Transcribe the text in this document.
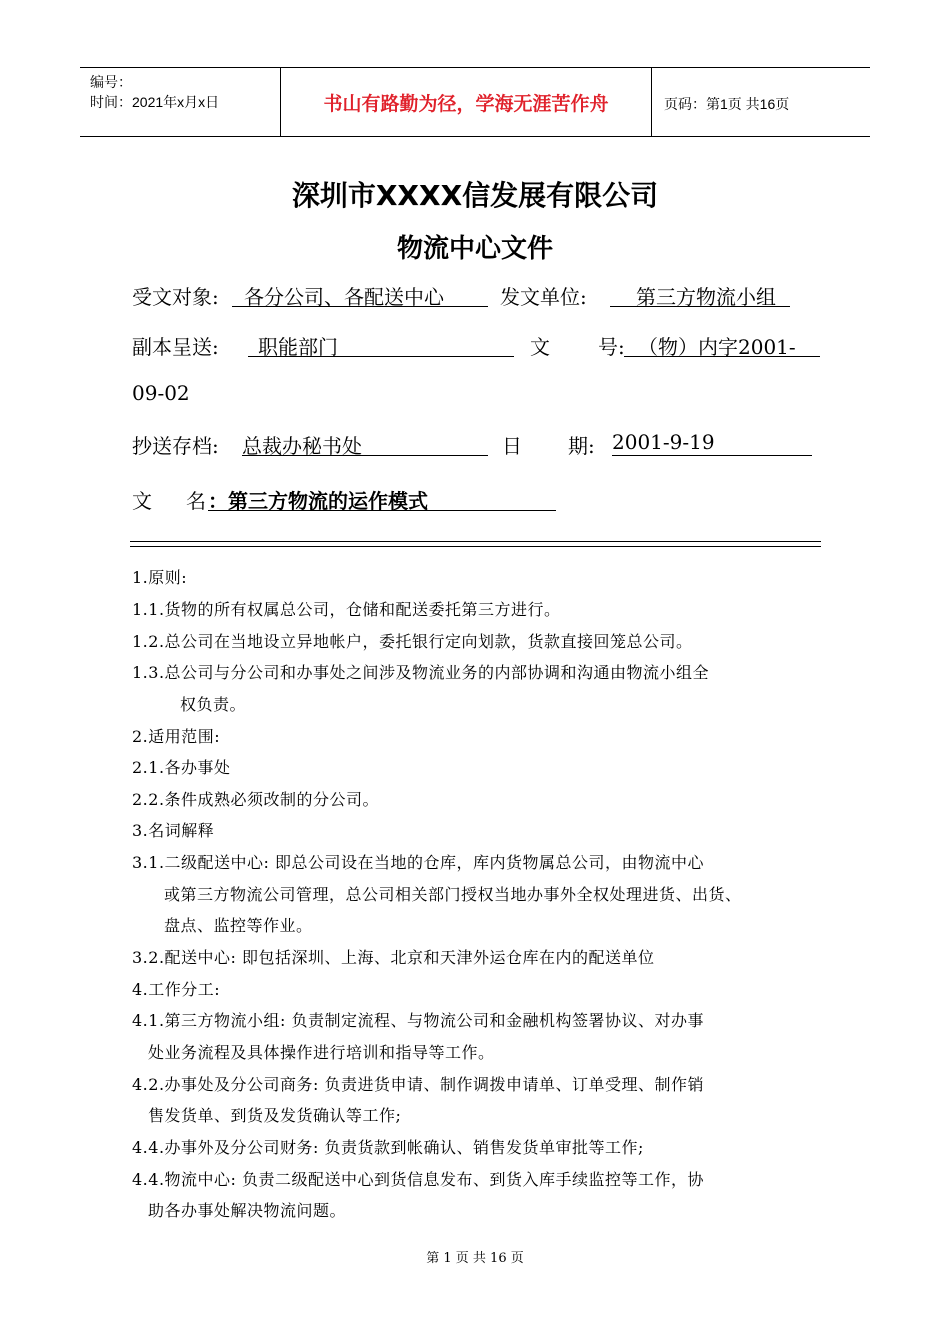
编号：
时间：2021年x月x日	书山有路勤为径，学海无涯苦作舟	页码：第1页 共16页
深圳市XXXX信发展有限公司
物流中心文件
受文对象:	各分公司、各配送中心	发文单位:	第三方物流小组
副本呈送:	职能部门	文 号: （物）内字2001-
09-02
抄送存档: 总裁办秘书处	日 期: 2001-9-19
文 名 ：第三方物流的运作模式
1.原则:
1.1.货物的所有权属总公司，仓储和配送委托第三方进行。
1.2.总公司在当地设立异地帐户，委托银行定向划款，货款直接回笼总公司。
1.3.总公司与分公司和办事处之间涉及物流业务的内部协调和沟通由物流小组全
权负责。
2.适用范围:
2.1.各办事处
2.2.条件成熟必须改制的分公司。
3.名词解释
3.1.二级配送中心: 即总公司设在当地的仓库，库内货物属总公司，由物流中心
或第三方物流公司管理，总公司相关部门授权当地办事外全权处理进货、出货、
盘点、监控等作业。
3.2.配送中心: 即包括深圳、上海、北京和天津外运仓库在内的配送单位
4.工作分工:
4.1.第三方物流小组: 负责制定流程、与物流公司和金融机构签署协议、对办事
处业务流程及具体操作进行培训和指导等工作。
4.2.办事处及分公司商务: 负责进货申请、制作调拨申请单、订单受理、制作销
售发货单、到货及发货确认等工作;
4.4.办事外及分公司财务: 负责货款到帐确认、销售发货单审批等工作;
4.4.物流中心: 负责二级配送中心到货信息发布、到货入库手续监控等工作，协
助各办事处解决物流问题。
第 1 页 共 16 页
